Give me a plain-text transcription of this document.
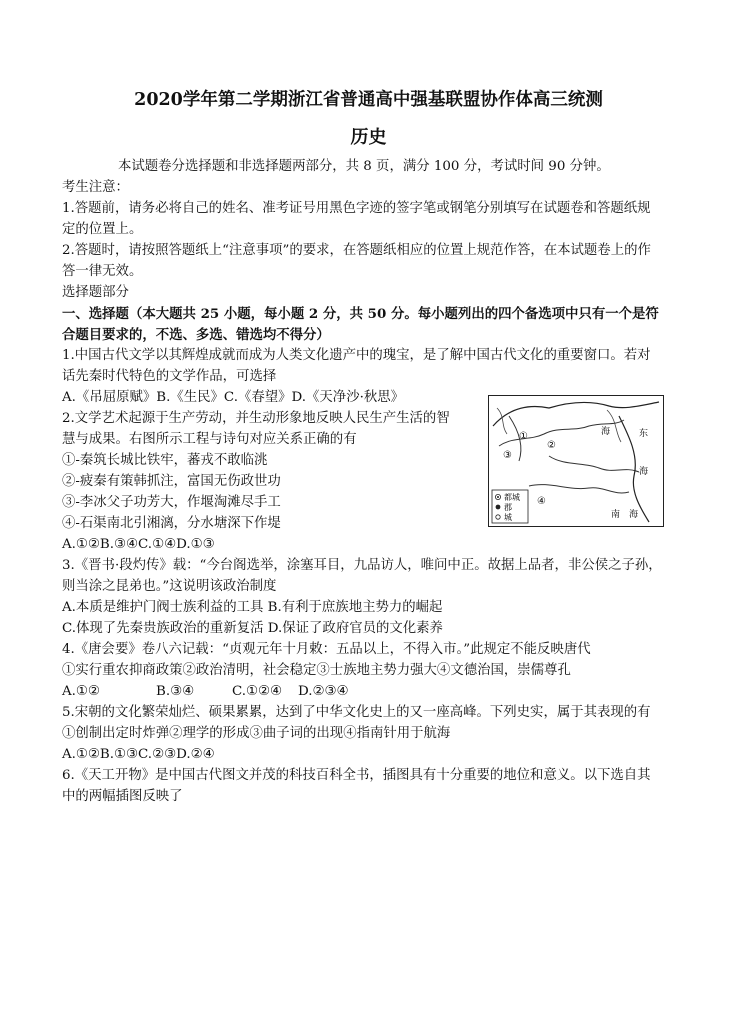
2020学年第二学期浙江省普通高中强基联盟协作体高三统测
历史
本试题卷分选择题和非选择题两部分，共 8 页，满分 100 分，考试时间 90 分钟。
考生注意：
1.答题前，请务必将自己的姓名、准考证号用黑色字迹的签字笔或钢笔分别填写在试题卷和答题纸规
定的位置上。
2.答题时，请按照答题纸上“注意事项”的要求，在答题纸相应的位置上规范作答，在本试题卷上的作
答一律无效。
选择题部分
一、选择题（本大题共 25 小题，每小题 2 分，共 50 分。每小题列出的四个备选项中只有一个是符
合题目要求的，不选、多选、错选均不得分）
1.中国古代文学以其辉煌成就而成为人类文化遗产中的瑰宝，是了解中国古代文化的重要窗口。若对
话先秦时代特色的文学作品，可选择
A.《吊屈原赋》B.《生民》C.《春望》D.《天净沙·秋思》
2.文学艺术起源于生产劳动，并生动形象地反映人民生产生活的智
慧与成果。右图所示工程与诗句对应关系正确的有
①-秦筑长城比铁牢，蕃戎不敢临洮
②-疲秦有策韩抓注，富国无伤政世功
③-李冰父子功芳大，作堰淘滩尽手工
④-石渠南北引湘漓，分水塘深下作堤
A.①②B.③④C.①④D.①③
东
海
海
南 海
①
②
③
④
都城
郡
城
3.《晋书·段灼传》载：“今台阁选举，涂塞耳目，九品访人，唯问中正。故据上品者，非公侯之子孙，
则当涂之昆弟也。”这说明该政治制度
A.本质是维护门阀士族利益的工具 B.有利于庶族地主势力的崛起
C.体现了先秦贵族政治的重新复活 D.保证了政府官员的文化素养
4.《唐会要》卷八六记载：“贞观元年十月敕：五品以上，不得入市。”此规定不能反映唐代
①实行重农抑商政策②政治清明，社会稳定③士族地主势力强大④文德治国，崇儒尊孔
A.①②	B.③④	C.①②④ D.②③④
5.宋朝的文化繁荣灿烂、硕果累累，达到了中华文化史上的又一座高峰。下列史实，属于其表现的有
①创制出定时炸弹②理学的形成③曲子词的出现④指南针用于航海
A.①②B.①③C.②③D.②④
6.《天工开物》是中国古代图文并茂的科技百科全书，插图具有十分重要的地位和意义。以下选自其
中的两幅插图反映了
